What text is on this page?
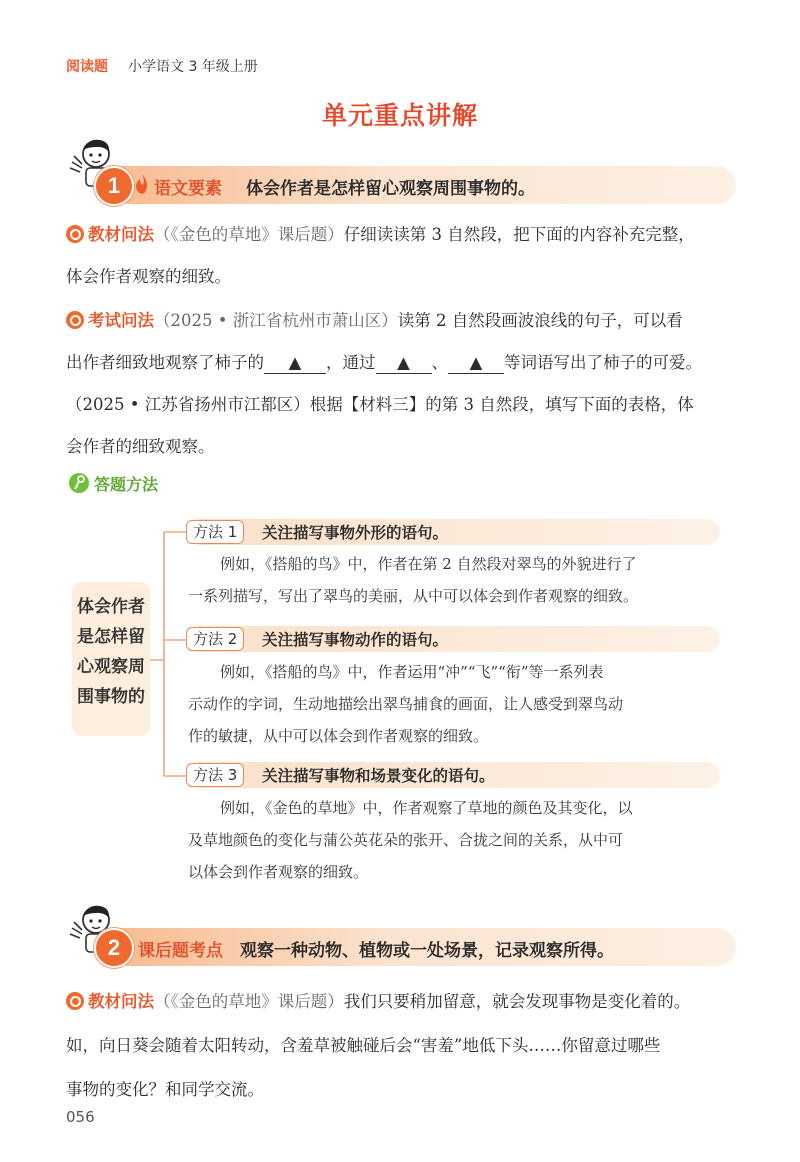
阅读题 小学语文 3 年级上册
单元重点讲解
1	语文要素 体会作者是怎样留心观察周围事物的。
教材问法（《金色的草地》课后题）仔细读读第 3 自然段，把下面的内容补充完整，
体会作者观察的细致。
考试问法（2025 • 浙江省杭州市萧山区）读第 2 自然段画波浪线的句子，可以看
出作者细致地观察了柿子的 ▲ ，通过 ▲ 、 ▲ 等词语写出了柿子的可爱。
（2025 • 江苏省扬州市江都区）根据【材料三】的第 3 自然段，填写下面的表格，体
会作者的细致观察。
答题方法
体会作者
是怎样留
心观察周
围事物的
方法 1	关注描写事物外形的语句。
例如，《搭船的鸟》中，作者在第 2 自然段对翠鸟的外貌进行了
一系列描写，写出了翠鸟的美丽，从中可以体会到作者观察的细致。
方法 2	关注描写事物动作的语句。
例如，《搭船的鸟》中，作者运用“冲”“飞”“衔”等一系列表
示动作的字词，生动地描绘出翠鸟捕食的画面，让人感受到翠鸟动
作的敏捷，从中可以体会到作者观察的细致。
方法 3	关注描写事物和场景变化的语句。
例如，《金色的草地》中，作者观察了草地的颜色及其变化，以
及草地颜色的变化与蒲公英花朵的张开、合拢之间的关系，从中可
以体会到作者观察的细致。
2	课后题考点 观察一种动物、植物或一处场景，记录观察所得。
教材问法（《金色的草地》课后题）我们只要稍加留意，就会发现事物是变化着的。
如，向日葵会随着太阳转动，含羞草被触碰后会“害羞”地低下头……你留意过哪些
事物的变化？和同学交流。
056
